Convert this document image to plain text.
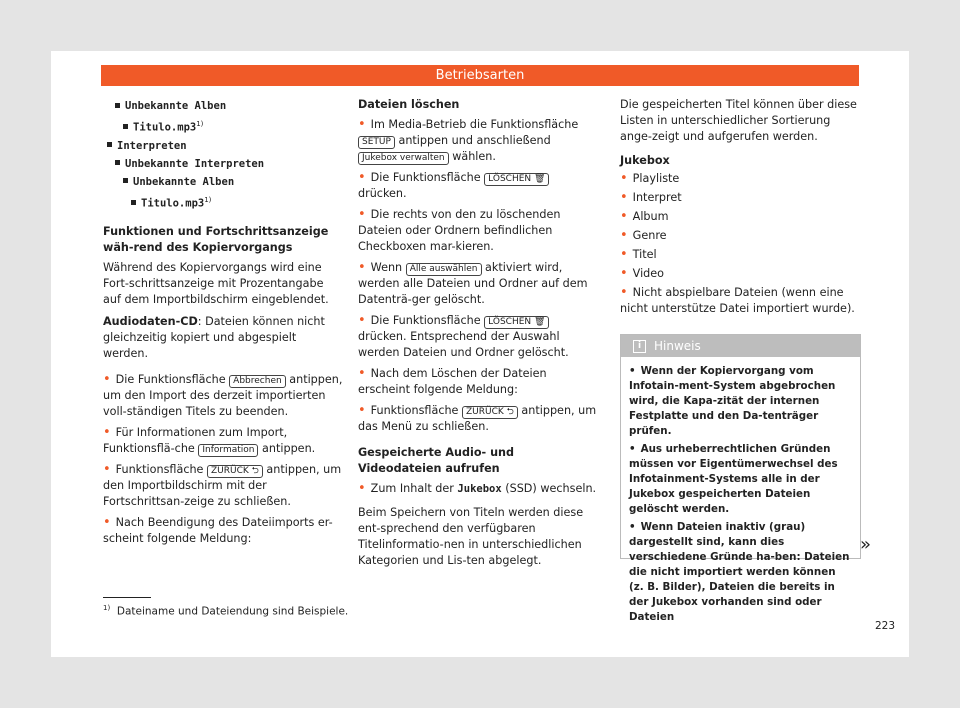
Betriebsarten
Unbekannte Alben
Titulo.mp3$^{1)}$
Interpreten
Unbekannte Interpreten
Unbekannte Alben
Titulo.mp3$^{1)}$

Funktionen und Fortschrittsanzeige wäh-rend des Kopiervorgangs

Während des Kopiervorgangs wird eine Fort-schrittsanzeige mit Prozentangabe auf dem Importbildschirm eingeblendet.

Audiodaten-CD: Dateien können nicht gleichzeitig kopiert und abgespielt werden.

• Die Funktionsfläche Abbrechen antippen, um den Import des derzeit importierten voll-ständigen Titels zu beenden.

• Für Informationen zum Import, Funktionsflä-che Information antippen.

• Funktionsfläche ZURÜCK ⮌ antippen, um den Importbildschirm mit der Fortschrittsan-zeige zu schließen.

• Nach Beendigung des Dateiimports er-scheint folgende Meldung:

Dateien löschen

• Im Media-Betrieb die Funktionsfläche SETUP antippen und anschließend Jukebox verwalten wählen.

• Die Funktionsfläche LÖSCHEN 🗑 drücken.

• Die rechts von den zu löschenden Dateien oder Ordnern befindlichen Checkboxen mar-kieren.

• Wenn Alle auswählen aktiviert wird, werden alle Dateien und Ordner auf dem Datenträ-ger gelöscht.

• Die Funktionsfläche LÖSCHEN 🗑 drücken. Entsprechend der Auswahl werden Dateien und Ordner gelöscht.

• Nach dem Löschen der Dateien erscheint folgende Meldung:

• Funktionsfläche ZURÜCK ⮌ antippen, um das Menü zu schließen.

Gespeicherte Audio- und Videodateien aufrufen

• Zum Inhalt der Jukebox (SSD) wechseln.

Beim Speichern von Titeln werden diese ent-sprechend den verfügbaren Titelinformatio-nen in unterschiedlichen Kategorien und Lis-ten abgelegt.

Die gespeicherten Titel können über diese Listen in unterschiedlicher Sortierung ange-zeigt und aufgerufen werden.

Jukebox

• Playliste
• Interpret
• Album
• Genre
• Titel
• Video
• Nicht abspielbare Dateien (wenn eine nicht unterstütze Datei importiert wurde).
i Hinweis

• Wenn der Kopiervorgang vom Infotain-ment-System abgebrochen wird, die Kapa-zität der internen Festplatte und den Da-tenträger prüfen.

• Aus urheberrechtlichen Gründen müssen vor Eigentümerwechsel des Infotainment-Systems alle in der Jukebox gespeicherten Dateien gelöscht werden.

• Wenn Dateien inaktiv (grau) dargestellt sind, kann dies verschiedene Gründe ha-ben: Dateien die nicht importiert werden können (z. B. Bilder), Dateien die bereits in der Jukebox vorhanden sind oder Dateien

»
$^{1)}$ Dateiname und Dateiendung sind Beispiele.
223
